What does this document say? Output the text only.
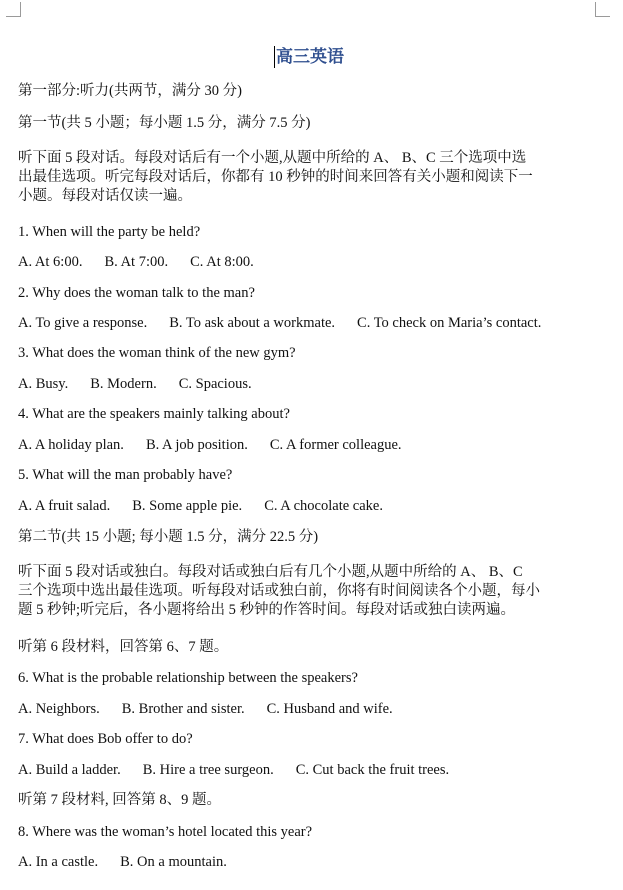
高三英语
第一部分:听力(共两节，满分 30 分)
第一节(共 5 小题；每小题 1.5 分，满分 7.5 分)
听下面 5 段对话。每段对话后有一个小题,从题中所给的 A、 B、C 三个选项中选
出最佳选项。听完每段对话后，你都有 10 秒钟的时间来回答有关小题和阅读下一
小题。每段对话仅读一遍。
1. When will the party be held?
A. At 6:00. B. At 7:00. C. At 8:00.
2. Why does the woman talk to the man?
A. To give a response. B. To ask about a workmate. C. To check on Maria’s contact.
3. What does the woman think of the new gym?
A. Busy. B. Modern. C. Spacious.
4. What are the speakers mainly talking about?
A. A holiday plan. B. A job position. C. A former colleague.
5. What will the man probably have?
A. A fruit salad. B. Some apple pie. C. A chocolate cake.
第二节(共 15 小题; 每小题 1.5 分，满分 22.5 分)
听下面 5 段对话或独白。每段对话或独白后有几个小题,从题中所给的 A、 B、C
三个选项中选出最佳选项。听每段对话或独白前，你将有时间阅读各个小题，每小
题 5 秒钟;听完后，各小题将给出 5 秒钟的作答时间。每段对话或独白读两遍。
听第 6 段材料，回答第 6、7 题。
6. What is the probable relationship between the speakers?
A. Neighbors. B. Brother and sister. C. Husband and wife.
7. What does Bob offer to do?
A. Build a ladder. B. Hire a tree surgeon. C. Cut back the fruit trees.
听第 7 段材料, 回答第 8、9 题。
8. Where was the woman’s hotel located this year?
A. In a castle. B. On a mountain.
